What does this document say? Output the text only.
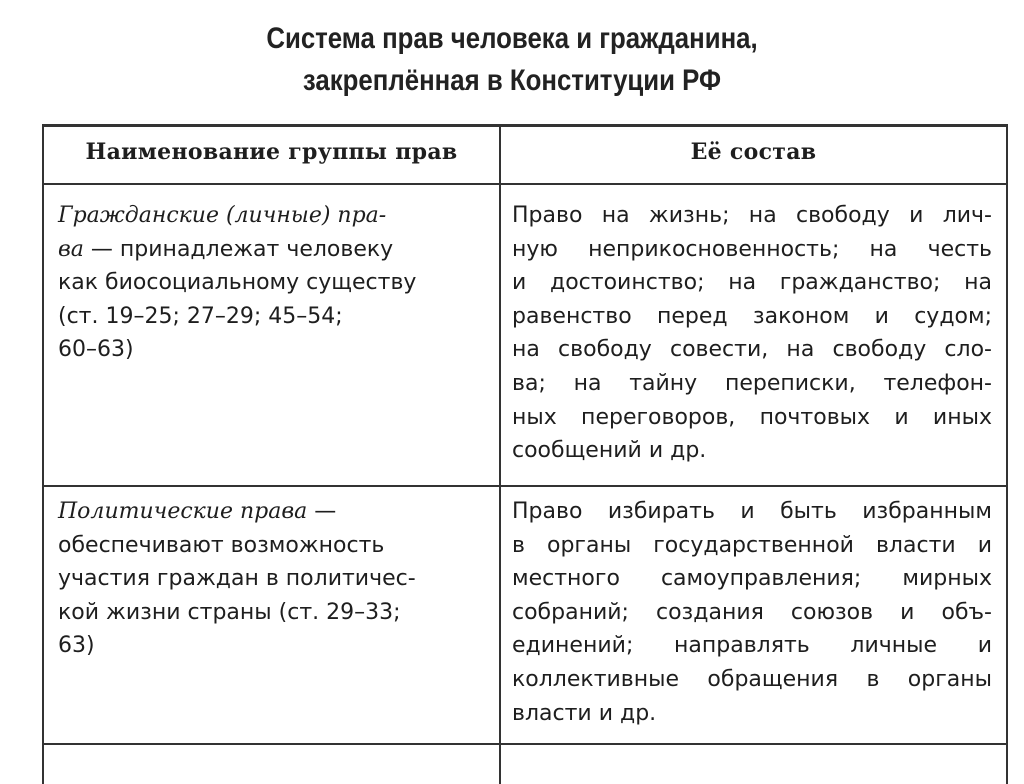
Система прав человека и гражданина,
закреплённая в Конституции РФ
Наименование группы прав	Её состав
Гражданские (личные) пра-
ва — принадлежат человеку
как биосоциальному существу
(ст. 19–25; 27–29; 45–54;
60–63)
Право на жизнь; на свободу и лич-
ную неприкосновенность; на честь
и достоинство; на гражданство; на
равенство перед законом и судом;
на свободу совести, на свободу сло-
ва; на тайну переписки, телефон-
ных переговоров, почтовых и иных
сообщений и др.
Политические права —
обеспечивают возможность
участия граждан в политичес-
кой жизни страны (ст. 29–33;
63)
Право избирать и быть избранным
в органы государственной власти и
местного самоуправления; мирных
собраний; создания союзов и объ-
единений; направлять личные и
коллективные обращения в органы
власти и др.
